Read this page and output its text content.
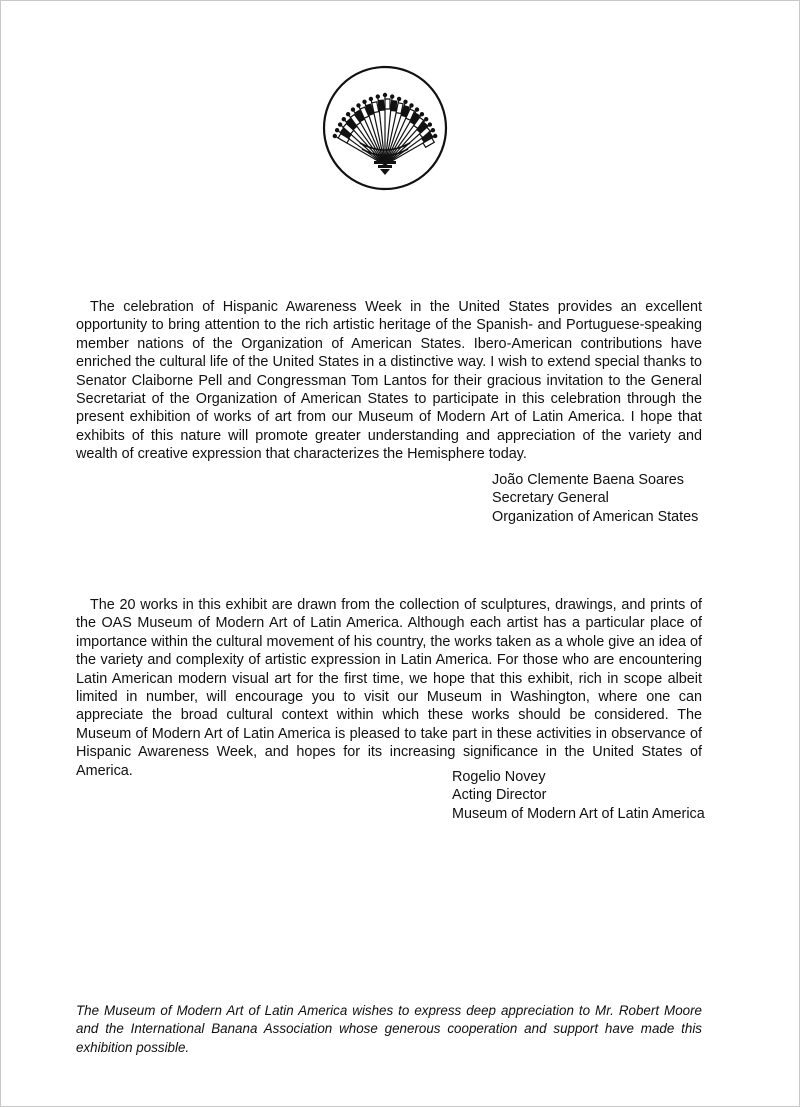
The celebration of Hispanic Awareness Week in the United States provides an excellent opportunity to bring attention to the rich artistic heritage of the Spanish- and Portuguese-speaking member nations of the Organization of American States. Ibero-American contributions have enriched the cultural life of the United States in a distinctive way. I wish to extend special thanks to Senator Claiborne Pell and Congressman Tom Lantos for their gracious invitation to the General Secretariat of the Organization of American States to participate in this celebration through the present exhibition of works of art from our Museum of Modern Art of Latin America. I hope that exhibits of this nature will promote greater understanding and appreciation of the variety and wealth of creative expression that characterizes the Hemisphere today.

João Clemente Baena Soares
Secretary General
Organization of American States

The 20 works in this exhibit are drawn from the collection of sculptures, drawings, and prints of the OAS Museum of Modern Art of Latin America. Although each artist has a particular place of importance within the cultural movement of his country, the works taken as a whole give an idea of the variety and complexity of artistic expression in Latin America. For those who are encountering Latin American modern visual art for the first time, we hope that this exhibit, rich in scope albeit limited in number, will encourage you to visit our Museum in Washington, where one can appreciate the broad cultural context within which these works should be considered. The Museum of Modern Art of Latin America is pleased to take part in these activities in observance of Hispanic Awareness Week, and hopes for its increasing significance in the United States of America.	Rogelio Novey
Acting Director
Museum of Modern Art of Latin America

The Museum of Modern Art of Latin America wishes to express deep appreciation to Mr. Robert Moore and the International Banana Association whose generous cooperation and support have made this exhibition possible.
